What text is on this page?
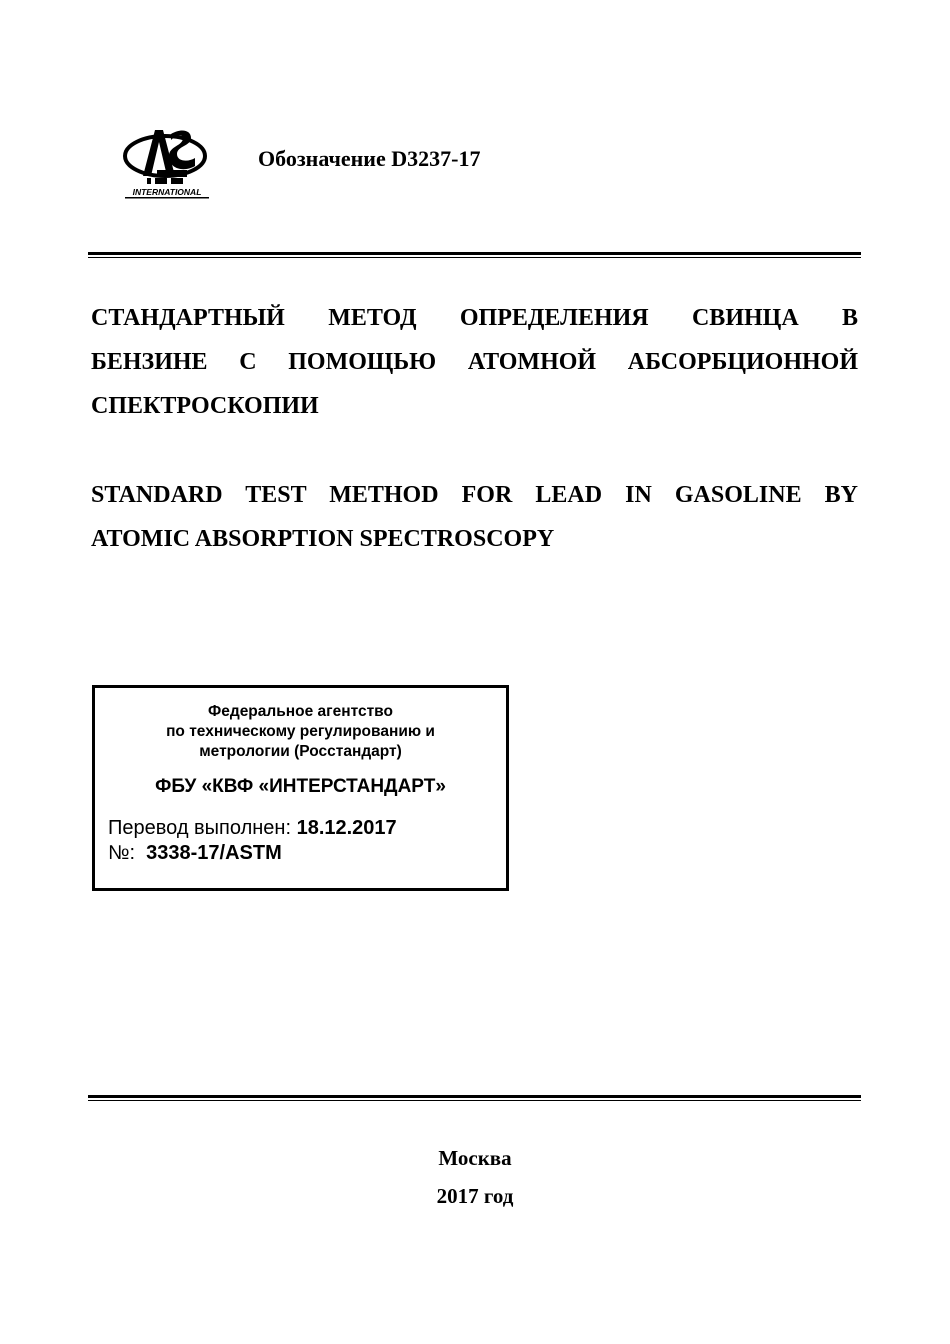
INTERNATIONAL
Обозначение D3237-17
СТАНДАРТНЫЙ МЕТОД ОПРЕДЕЛЕНИЯ СВИНЦА В
БЕНЗИНЕ С ПОМОЩЬЮ АТОМНОЙ АБСОРБЦИОННОЙ
СПЕКТРОСКОПИИ
STANDARD TEST METHOD FOR LEAD IN GASOLINE BY
ATOMIC ABSORPTION SPECTROSCOPY
Федеральное агентство
по техническому регулированию и
метрологии (Росстандарт)
ФБУ «КВФ «ИНТЕРСТАНДАРТ»
Перевод выполнен: 18.12.2017
№: 3338-17/ASTM
Москва
2017 год
